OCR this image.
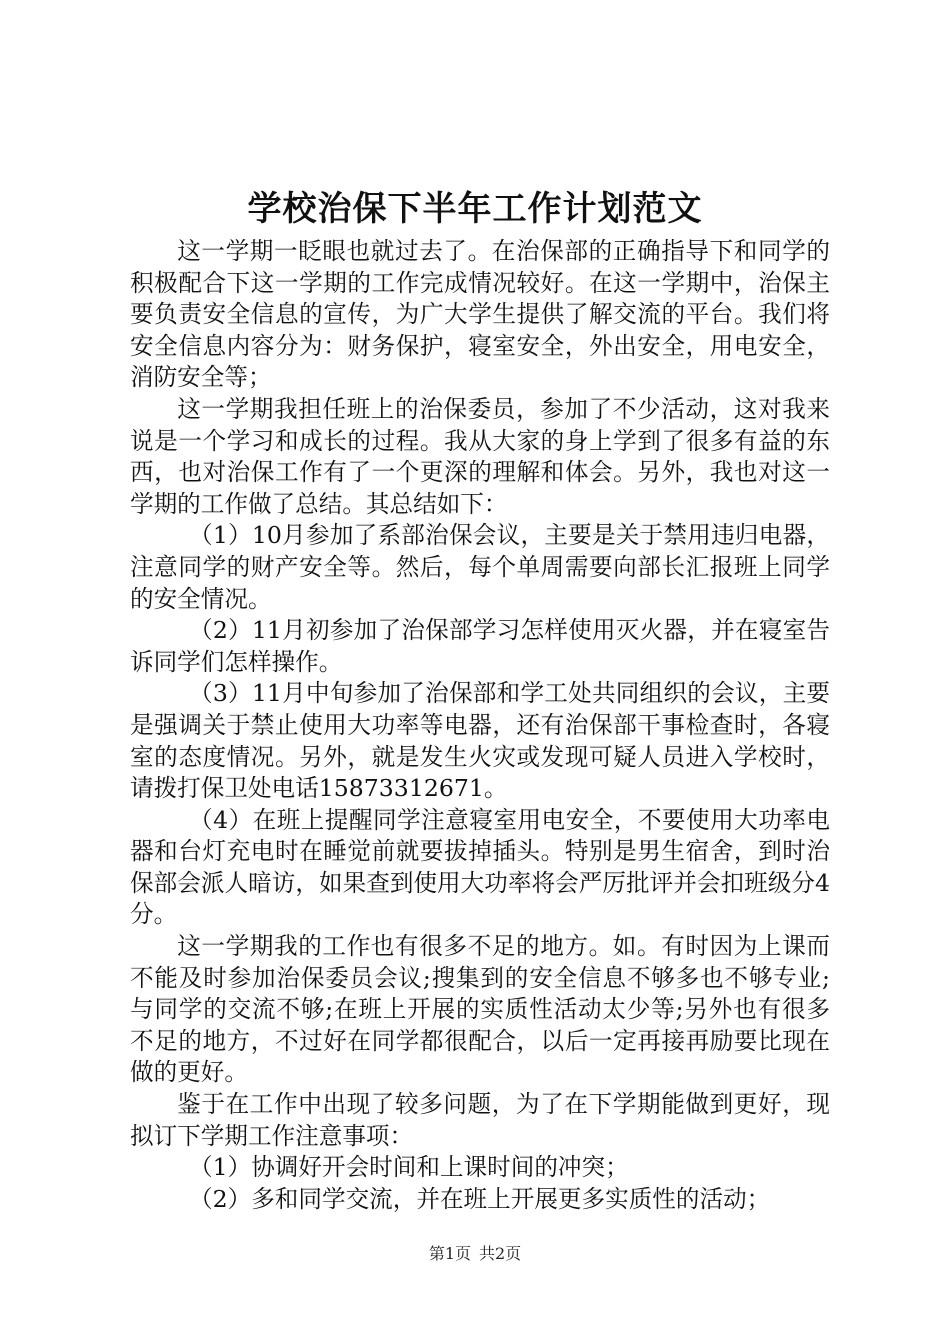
学校治保下半年工作计划范文

这一学期一眨眼也就过去了。在治保部的正确指导下和同学的积极配合下这一学期的工作完成情况较好。在这一学期中，治保主要负责安全信息的宣传，为广大学生提供了解交流的平台。我们将安全信息内容分为：财务保护，寝室安全，外出安全，用电安全，消防安全等；

这一学期我担任班上的治保委员，参加了不少活动，这对我来说是一个学习和成长的过程。我从大家的身上学到了很多有益的东西，也对治保工作有了一个更深的理解和体会。另外，我也对这一学期的工作做了总结。其总结如下：

（1）10月参加了系部治保会议，主要是关于禁用违归电器，注意同学的财产安全等。然后，每个单周需要向部长汇报班上同学的安全情况。

（2）11月初参加了治保部学习怎样使用灭火器，并在寝室告诉同学们怎样操作。

（3）11月中旬参加了治保部和学工处共同组织的会议，主要是强调关于禁止使用大功率等电器，还有治保部干事检查时，各寝室的态度情况。另外，就是发生火灾或发现可疑人员进入学校时，请拨打保卫处电话15873312671。

（4）在班上提醒同学注意寝室用电安全，不要使用大功率电器和台灯充电时在睡觉前就要拔掉插头。特别是男生宿舍，到时治保部会派人暗访，如果查到使用大功率将会严厉批评并会扣班级分4分。

这一学期我的工作也有很多不足的地方。如。有时因为上课而不能及时参加治保委员会议;搜集到的安全信息不够多也不够专业;与同学的交流不够;在班上开展的实质性活动太少等;另外也有很多不足的地方，不过好在同学都很配合，以后一定再接再励要比现在做的更好。

鉴于在工作中出现了较多问题，为了在下学期能做到更好，现拟订下学期工作注意事项：

（1）协调好开会时间和上课时间的冲突；

（2）多和同学交流，并在班上开展更多实质性的活动；

第1页 共2页
